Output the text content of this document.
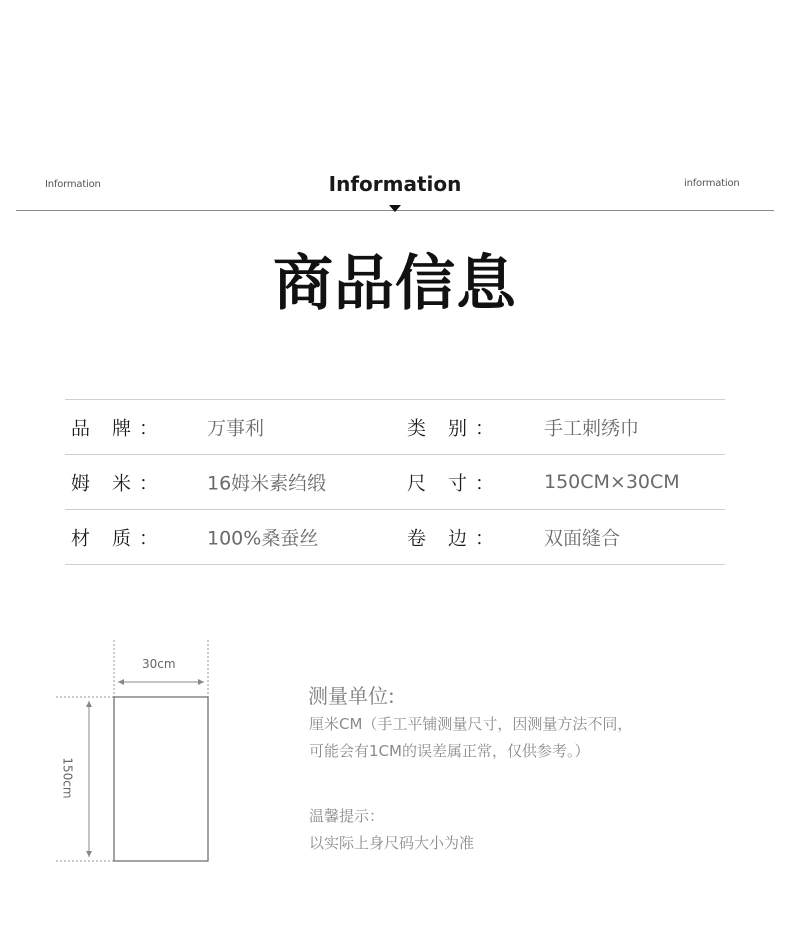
Information	Information	information
商品信息
品 牌： 万事利	类 别： 手工刺绣巾
姆 米： 16姆米素绉缎	尺 寸： 150CM×30CM
材 质： 100%桑蚕丝	卷 边： 双面缝合
30cm
150cm
测量单位:
厘米CM（手工平铺测量尺寸，因测量方法不同，
可能会有1CM的误差属正常，仅供参考。）
温馨提示：
以实际上身尺码大小为准
